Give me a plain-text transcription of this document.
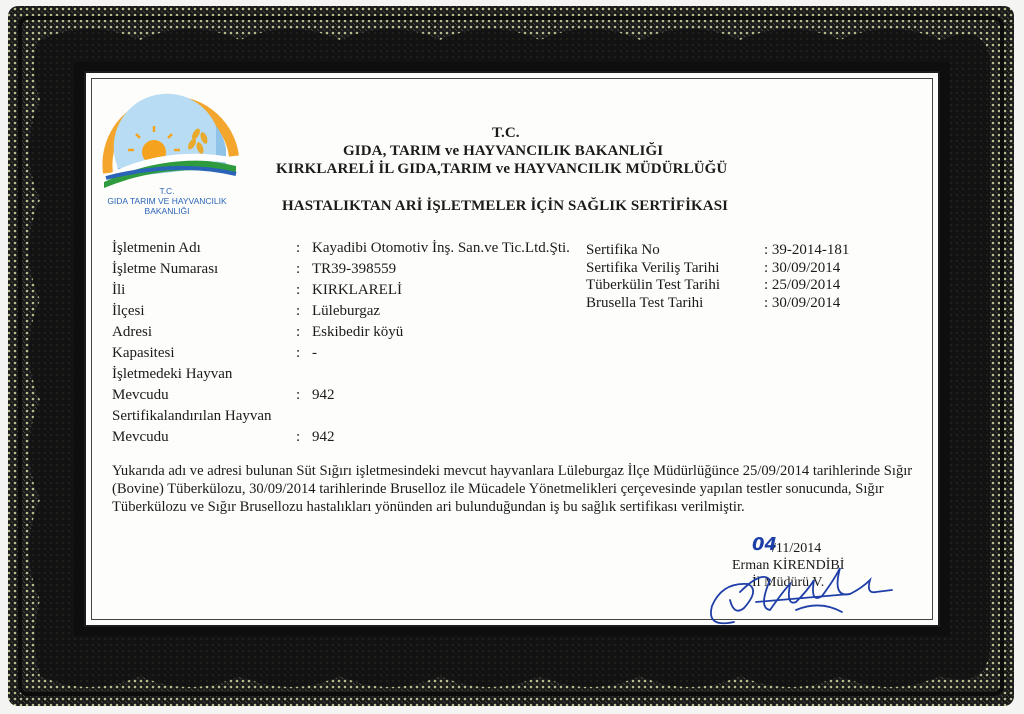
T.C.
GIDA TARIM VE HAYVANCILIK
BAKANLIĞI
T.C.
GIDA, TARIM ve HAYVANCILIK BAKANLIĞI
KIRKLARELİ İL GIDA,TARIM ve HAYVANCILIK MÜDÜRLÜĞÜ
HASTALIKTAN ARİ İŞLETMELER İÇİN SAĞLIK SERTİFİKASI
İşletmenin Adı	: Kayadibi Otomotiv İnş. San.ve Tic.Ltd.Şti.
İşletme Numarası	: TR39-398559
İli	: KIRKLARELİ
İlçesi	: Lüleburgaz
Adresi	: Eskibedir köyü
Kapasitesi	: -
İşletmedeki Hayvan
Mevcudu	: 942
Sertifikalandırılan Hayvan
Mevcudu	: 942
Sertifika No	: 39-2014-181
Sertifika Veriliş Tarihi	: 30/09/2014
Tüberkülin Test Tarihi	: 25/09/2014
Brusella Test Tarihi	: 30/09/2014
Yukarıda adı ve adresi bulunan Süt Sığırı işletmesindeki mevcut hayvanlara Lüleburgaz İlçe Müdürlüğünce 25/09/2014 tarihlerinde Sığır (Bovine) Tüberkülozu, 30/09/2014 tarihlerinde Bruselloz ile Mücadele Yönetmelikleri çerçevesinde yapılan testler sonucunda, Sığır Tüberkülozu ve Sığır Brusellozu hastalıkları yönünden ari bulunduğundan iş bu sağlık sertifikası verilmiştir.
04
/11/2014
Erman KİRENDİBİ
İl Müdürü V.
